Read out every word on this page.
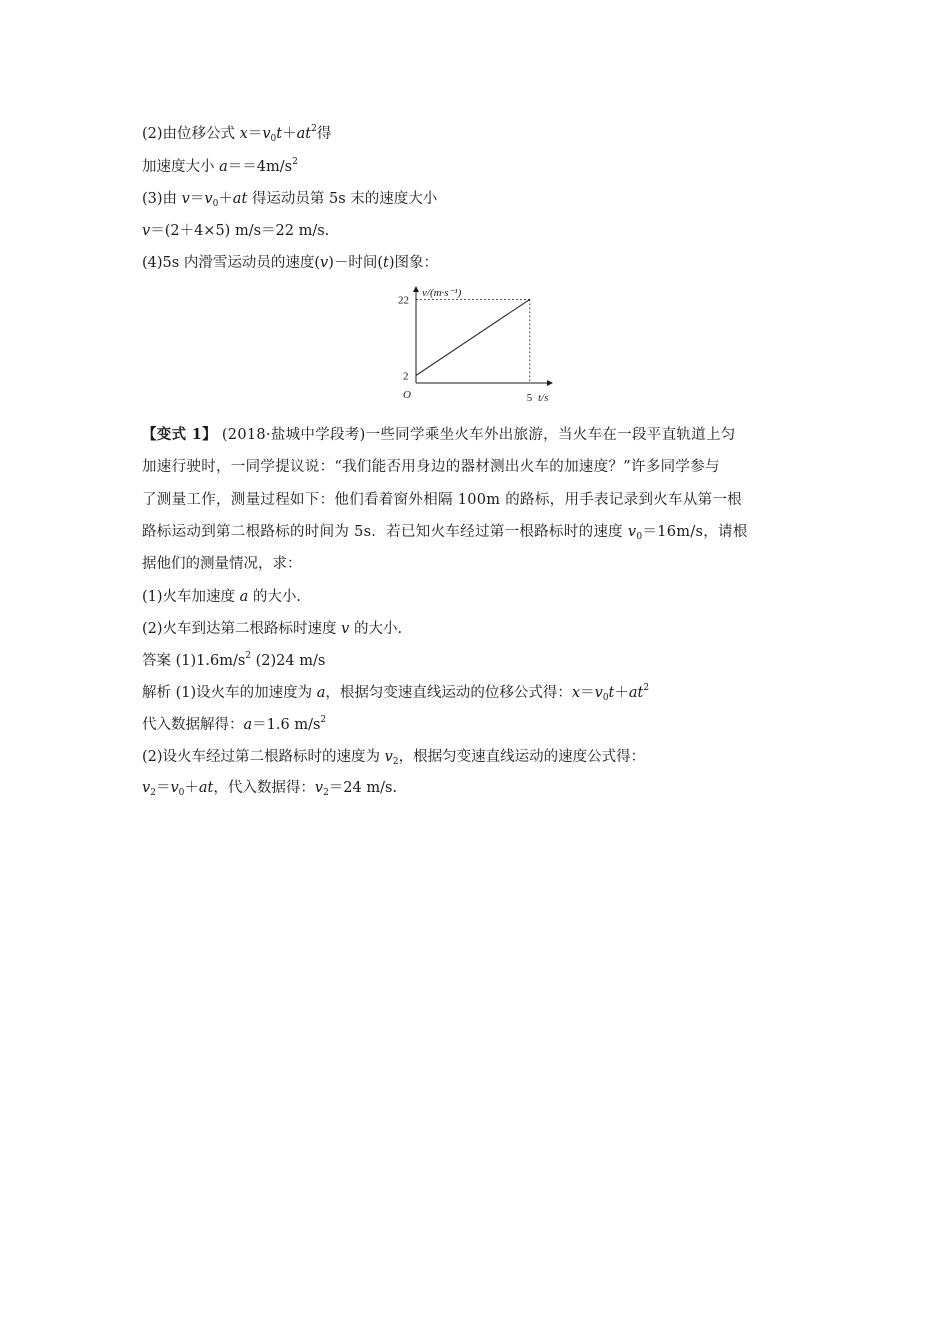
(2)由位移公式 $x=v_0t+at^2$得
加速度大小 $a==4m/s^2$
(3)由 $v=v_0+at$ 得运动员第 5s 末的速度大小
v＝(2＋4×5) m/s＝22 m/s.
(4)5s 内滑雪运动员的速度(v)－时间(t)图象：
v/(m·s⁻¹)
t/s
O
22
2
5
【变式 1】 (2018·盐城中学段考)一些同学乘坐火车外出旅游，当火车在一段平直轨道上匀
加速行驶时，一同学提议说：“我们能否用身边的器材测出火车的加速度？”许多同学参与
了测量工作，测量过程如下：他们看着窗外相隔 100m 的路标，用手表记录到火车从第一根
路标运动到第二根路标的时间为 5s．若已知火车经过第一根路标时的速度 $v_0=16m/s$，请根
据他们的测量情况，求：
(1)火车加速度 a 的大小.
(2)火车到达第二根路标时速度 v 的大小.
答案 $(1)1.6m/s^2$ (2)24 m/s
解析 (1)设火车的加速度为 a，根据匀变速直线运动的位移公式得：$x=v_0t+at^2$
代入数据解得：a＝1.6 $m/s^2$
(2)设火车经过第二根路标时的速度为 $v_2$，根据匀变速直线运动的速度公式得：
$v_2=v_0+at$，代入数据得：$v_2=24$ m/s.
